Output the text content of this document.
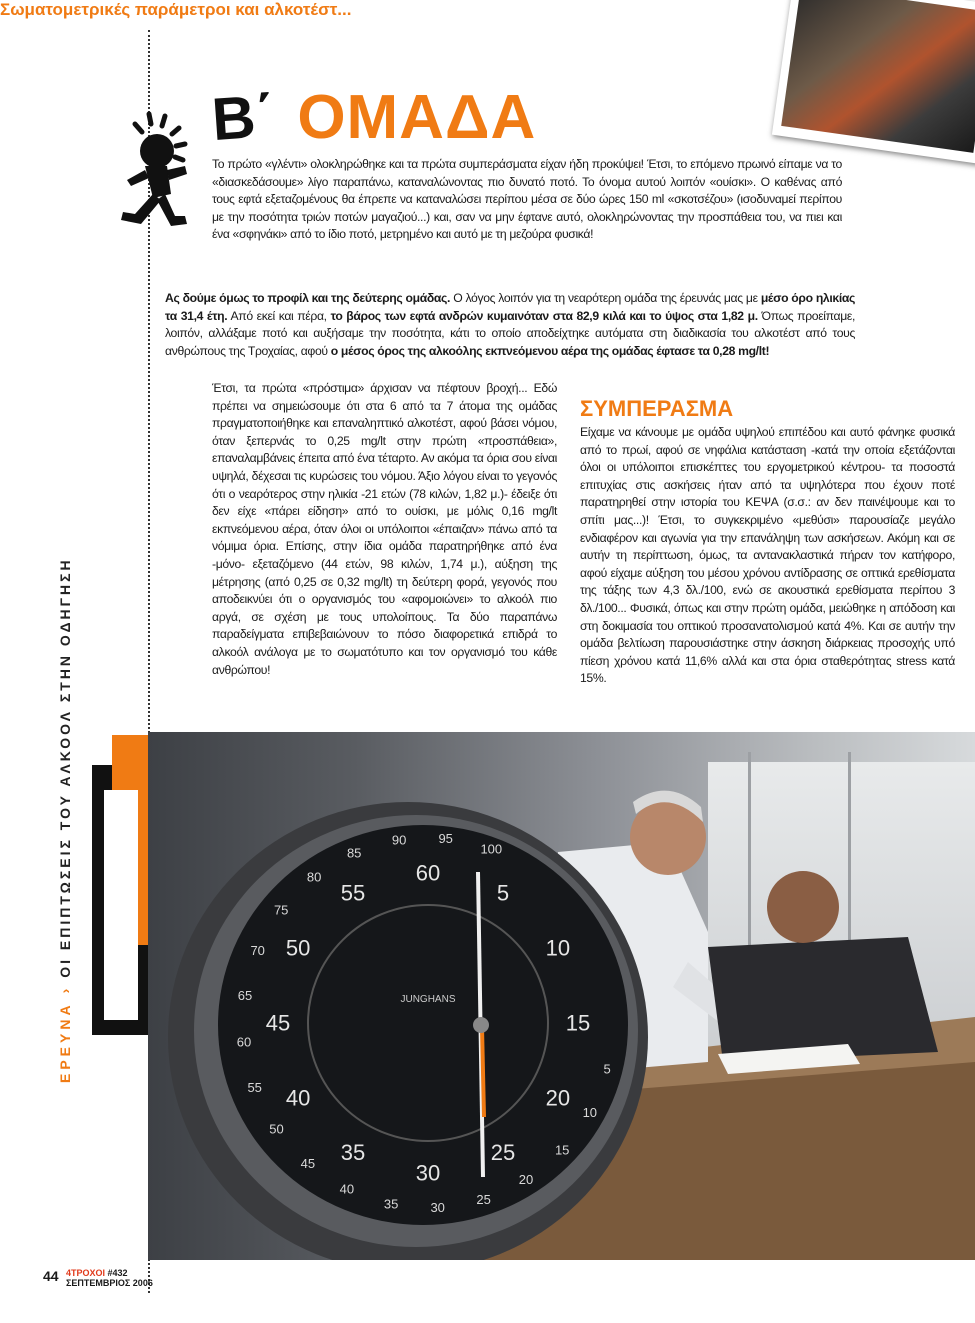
ΕΡΕΥΝΑ›ΟΙ ΕΠΙΠΤΩΣΕΙΣ ΤΟΥ ΑΛΚΟΟΛ ΣΤΗΝ ΟΔΗΓΗΣΗ
Β΄ ΟΜΑΔΑ

Το πρώτο «γλέντι» ολοκληρώθηκε και τα πρώτα συμπεράσματα είχαν ήδη προκύψει! Έτσι, το επόμενο πρωινό είπαμε να το «διασκεδάσουμε» λίγο παραπάνω, καταναλώνοντας πιο δυνατό ποτό. Το όνομα αυτού λοιπόν «ουίσκι». Ο καθένας από τους εφτά εξεταζομένους θα έπρεπε να καταναλώσει περίπου μέσα σε δύο ώρες 150 ml «σκοτσέζου» (ισοδυναμεί περίπου με την ποσότητα τριών ποτών μαγαζιού...) και, σαν να μην έφτανε αυτό, ολοκληρώνοντας την προσπάθεια του, να πιει και ένα «σφηνάκι» από το ίδιο ποτό, μετρημένο και αυτό με τη μεζούρα φυσικά!

Σωματομετρικές παράμετροι και αλκοτέστ...

Ας δούμε όμως το προφίλ και της δεύτερης ομάδας. Ο λόγος λοιπόν για τη νεαρότερη ομάδα της έρευνάς μας με μέσο όρο ηλικίας τα 31,4 έτη. Από εκεί και πέρα, το βάρος των εφτά ανδρών κυμαινόταν στα 82,9 κιλά και το ύψος στα 1,82 μ. Όπως προείπαμε, λοιπόν, αλλάξαμε ποτό και αυξήσαμε την ποσότητα, κάτι το οποίο αποδείχτηκε αυτόματα στη διαδικασία του αλκοτέστ από τους ανθρώπους της Τροχαίας, αφού ο μέσος όρος της αλκοόλης εκπνεόμενου αέρα της ομάδας έφτασε τα 0,28 mg/lt!

Έτσι, τα πρώτα «πρόστιμα» άρχισαν να πέφτουν βροχή... Εδώ πρέπει να σημειώσουμε ότι στα 6 από τα 7 άτομα της ομάδας πραγματοποιήθηκε και επαναληπτικό αλκοτέστ, αφού βάσει νόμου, όταν ξεπερνάς το 0,25 mg/lt στην πρώτη «προσπάθεια», επαναλαμβάνεις έπειτα από ένα τέταρτο. Αν ακόμα τα όρια σου είναι υψηλά, δέχεσαι τις κυρώσεις του νόμου. Άξιο λόγου είναι το γεγονός ότι ο νεαρότερος στην ηλικία -21 ετών (78 κιλών, 1,82 μ.)- έδειξε ότι δεν είχε «πάρει είδηση» από το ουίσκι, με μόλις 0,16 mg/lt εκπνεόμενου αέρα, όταν όλοι οι υπόλοιποι «έπαιζαν» πάνω από τα νόμιμα όρια. Επίσης, στην ίδια ομάδα παρατηρήθηκε από ένα -μόνο- εξεταζόμενο (44 ετών, 98 κιλών, 1,74 μ.), αύξηση της μέτρησης (από 0,25 σε 0,32 mg/lt) τη δεύτερη φορά, γεγονός που αποδεικνύει ότι ο οργανισμός του «αφομοιώνει» το αλκοόλ πιο αργά, σε σχέση με τους υπολοίπους. Τα δύο παραπάνω παραδείγματα επιβεβαιώνουν το πόσο διαφορετικά επιδρά το αλκοόλ ανάλογα με το σωματότυπο και τον οργανισμό του κάθε ανθρώπου!

ΣΥΜΠΕΡΑΣΜΑ

Είχαμε να κάνουμε με ομάδα υψηλού επιπέδου και αυτό φάνηκε φυσικά από το πρωί, αφού σε νηφάλια κατάσταση -κατά την οποία εξετάζονται όλοι οι υπόλοιποι επισκέπτες του εργομετρικού κέντρου- τα ποσοστά επιτυχίας στις ασκήσεις ήταν από τα υψηλότερα που έχουν ποτέ παρατηρηθεί στην ιστορία του ΚΕΨΑ (σ.σ.: αν δεν παινέψουμε και το σπίτι μας...)! Έτσι, το συγκεκριμένο «μεθύσι» παρουσίαζε μεγάλο ενδιαφέρον και αγωνία για την επανάληψη των ασκήσεων. Ακόμη και σε αυτήν τη περίπτωση, όμως, τα αντανακλαστικά πήραν τον κατήφορο, αφού είχαμε αύξηση του μέσου χρόνου αντίδρασης σε οπτικά ερεθίσματα της τάξης των 4,3 δλ./100, ενώ σε ακουστικά ερεθίσματα περίπου 3 δλ./100... Φυσικά, όπως και στην πρώτη ομάδα, μειώθηκε η απόδοση και στη δοκιμασία του οπτικού προσανατολισμού κατά 4%. Και σε αυτήν την ομάδα βελτίωση παρουσιάστηκε στην άσκηση διάρκειας προσοχής υπό πίεση χρόνου κατά 11,6% αλλά και στα όρια σταθερότητας stress κατά 15%.

100
95
90
85
80
75
70
65
60
55
50
45
40
35 30
25
20
15
10
5
60
55
50
45
40
35
30
25
20
15
10
5
JUNGHANS
44 4ΤΡΟΧΟΙ #432
ΣΕΠΤΕΜΒΡΙΟΣ 2006
